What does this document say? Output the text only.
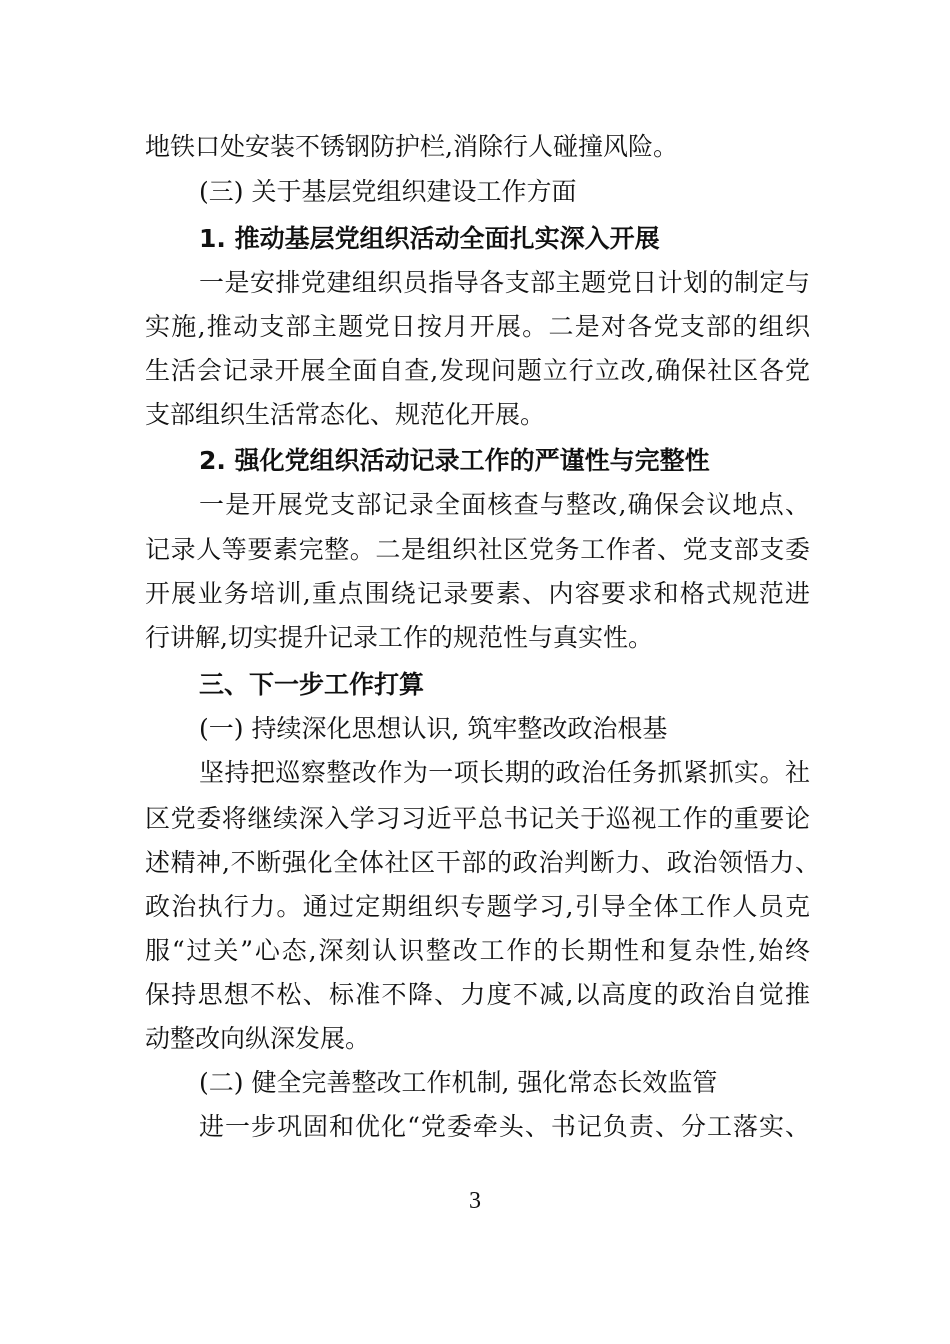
地铁口处安装不锈钢防护栏,消除行人碰撞风险。
(三) 关于基层党组织建设工作方面
1. 推动基层党组织活动全面扎实深入开展
一是安排党建组织员指导各支部主题党日计划的制定与
实施,推动支部主题党日按月开展。二是对各党支部的组织
生活会记录开展全面自查,发现问题立行立改,确保社区各党
支部组织生活常态化、规范化开展。
2. 强化党组织活动记录工作的严谨性与完整性
一是开展党支部记录全面核查与整改,确保会议地点、
记录人等要素完整。二是组织社区党务工作者、党支部支委
开展业务培训,重点围绕记录要素、内容要求和格式规范进
行讲解,切实提升记录工作的规范性与真实性。
三、下一步工作打算
(一) 持续深化思想认识, 筑牢整改政治根基
坚持把巡察整改作为一项长期的政治任务抓紧抓实。社
区党委将继续深入学习习近平总书记关于巡视工作的重要论
述精神,不断强化全体社区干部的政治判断力、政治领悟力、
政治执行力。通过定期组织专题学习,引导全体工作人员克
服“过关”心态,深刻认识整改工作的长期性和复杂性,始终
保持思想不松、标准不降、力度不减,以高度的政治自觉推
动整改向纵深发展。
(二) 健全完善整改工作机制, 强化常态长效监管
进一步巩固和优化“党委牵头、书记负责、分工落实、
3
